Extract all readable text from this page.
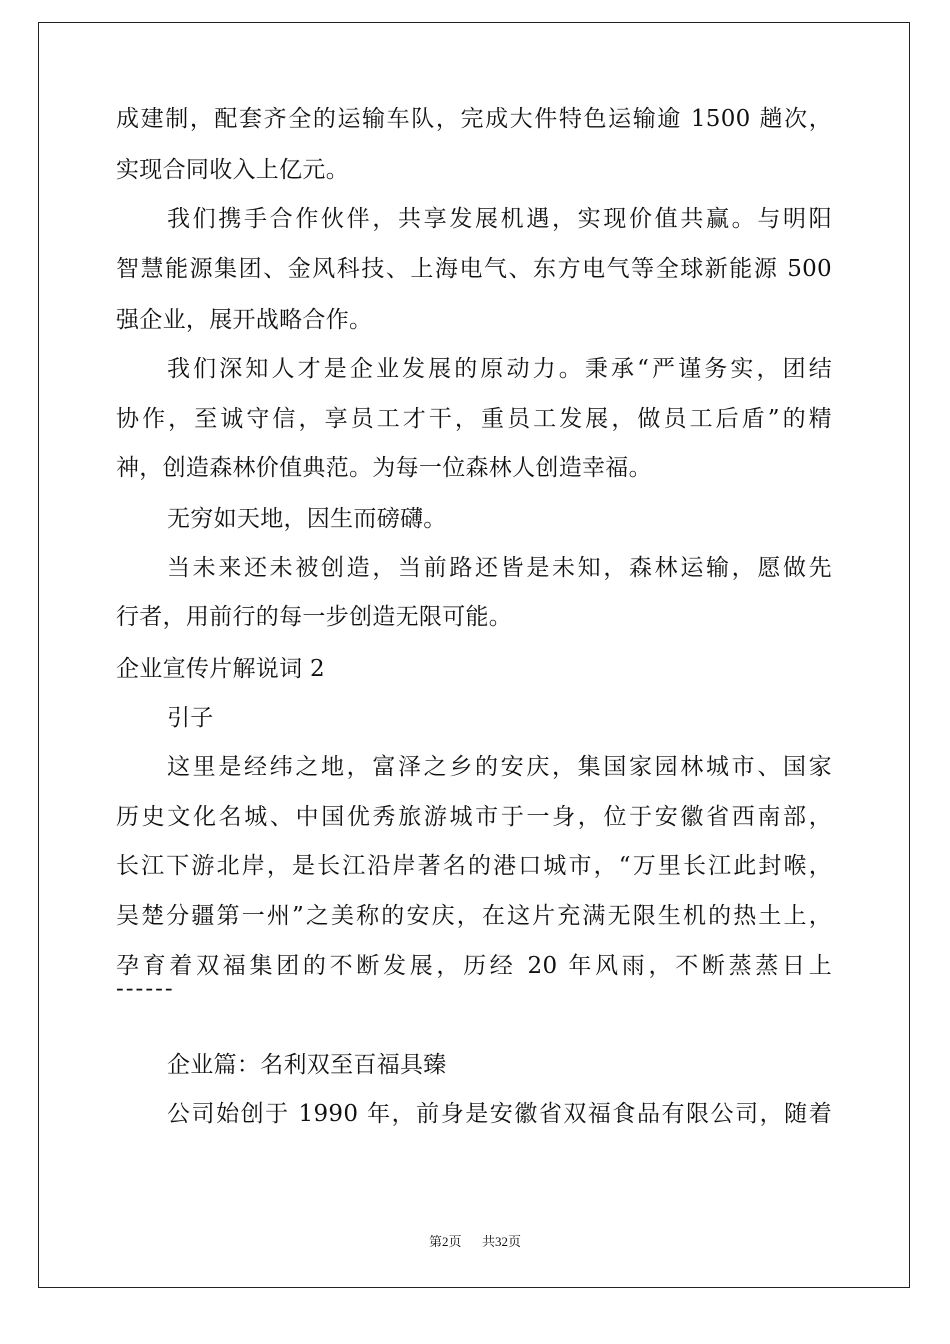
成建制，配套齐全的运输车队，完成大件特色运输逾 1500 趟次，
实现合同收入上亿元。
我们携手合作伙伴，共享发展机遇，实现价值共赢。与明阳
智慧能源集团、金风科技、上海电气、东方电气等全球新能源 500
强企业，展开战略合作。
我们深知人才是企业发展的原动力。秉承“严谨务实，团结
协作，至诚守信，享员工才干，重员工发展，做员工后盾”的精
神，创造森林价值典范。为每一位森林人创造幸福。
无穷如天地，因生而磅礴。
当未来还未被创造，当前路还皆是未知，森林运输，愿做先
行者，用前行的每一步创造无限可能。
企业宣传片解说词 2
引子
这里是经纬之地，富泽之乡的安庆，集国家园林城市、国家
历史文化名城、中国优秀旅游城市于一身，位于安徽省西南部，
长江下游北岸，是长江沿岸著名的港口城市，“万里长江此封喉，
吴楚分疆第一州”之美称的安庆，在这片充满无限生机的热土上，
孕育着双福集团的不断发展，历经 20 年风雨，不断蒸蒸日上
------
企业篇：名利双至百福具臻
公司始创于 1990 年，前身是安徽省双福食品有限公司，随着
第2页 共32页
